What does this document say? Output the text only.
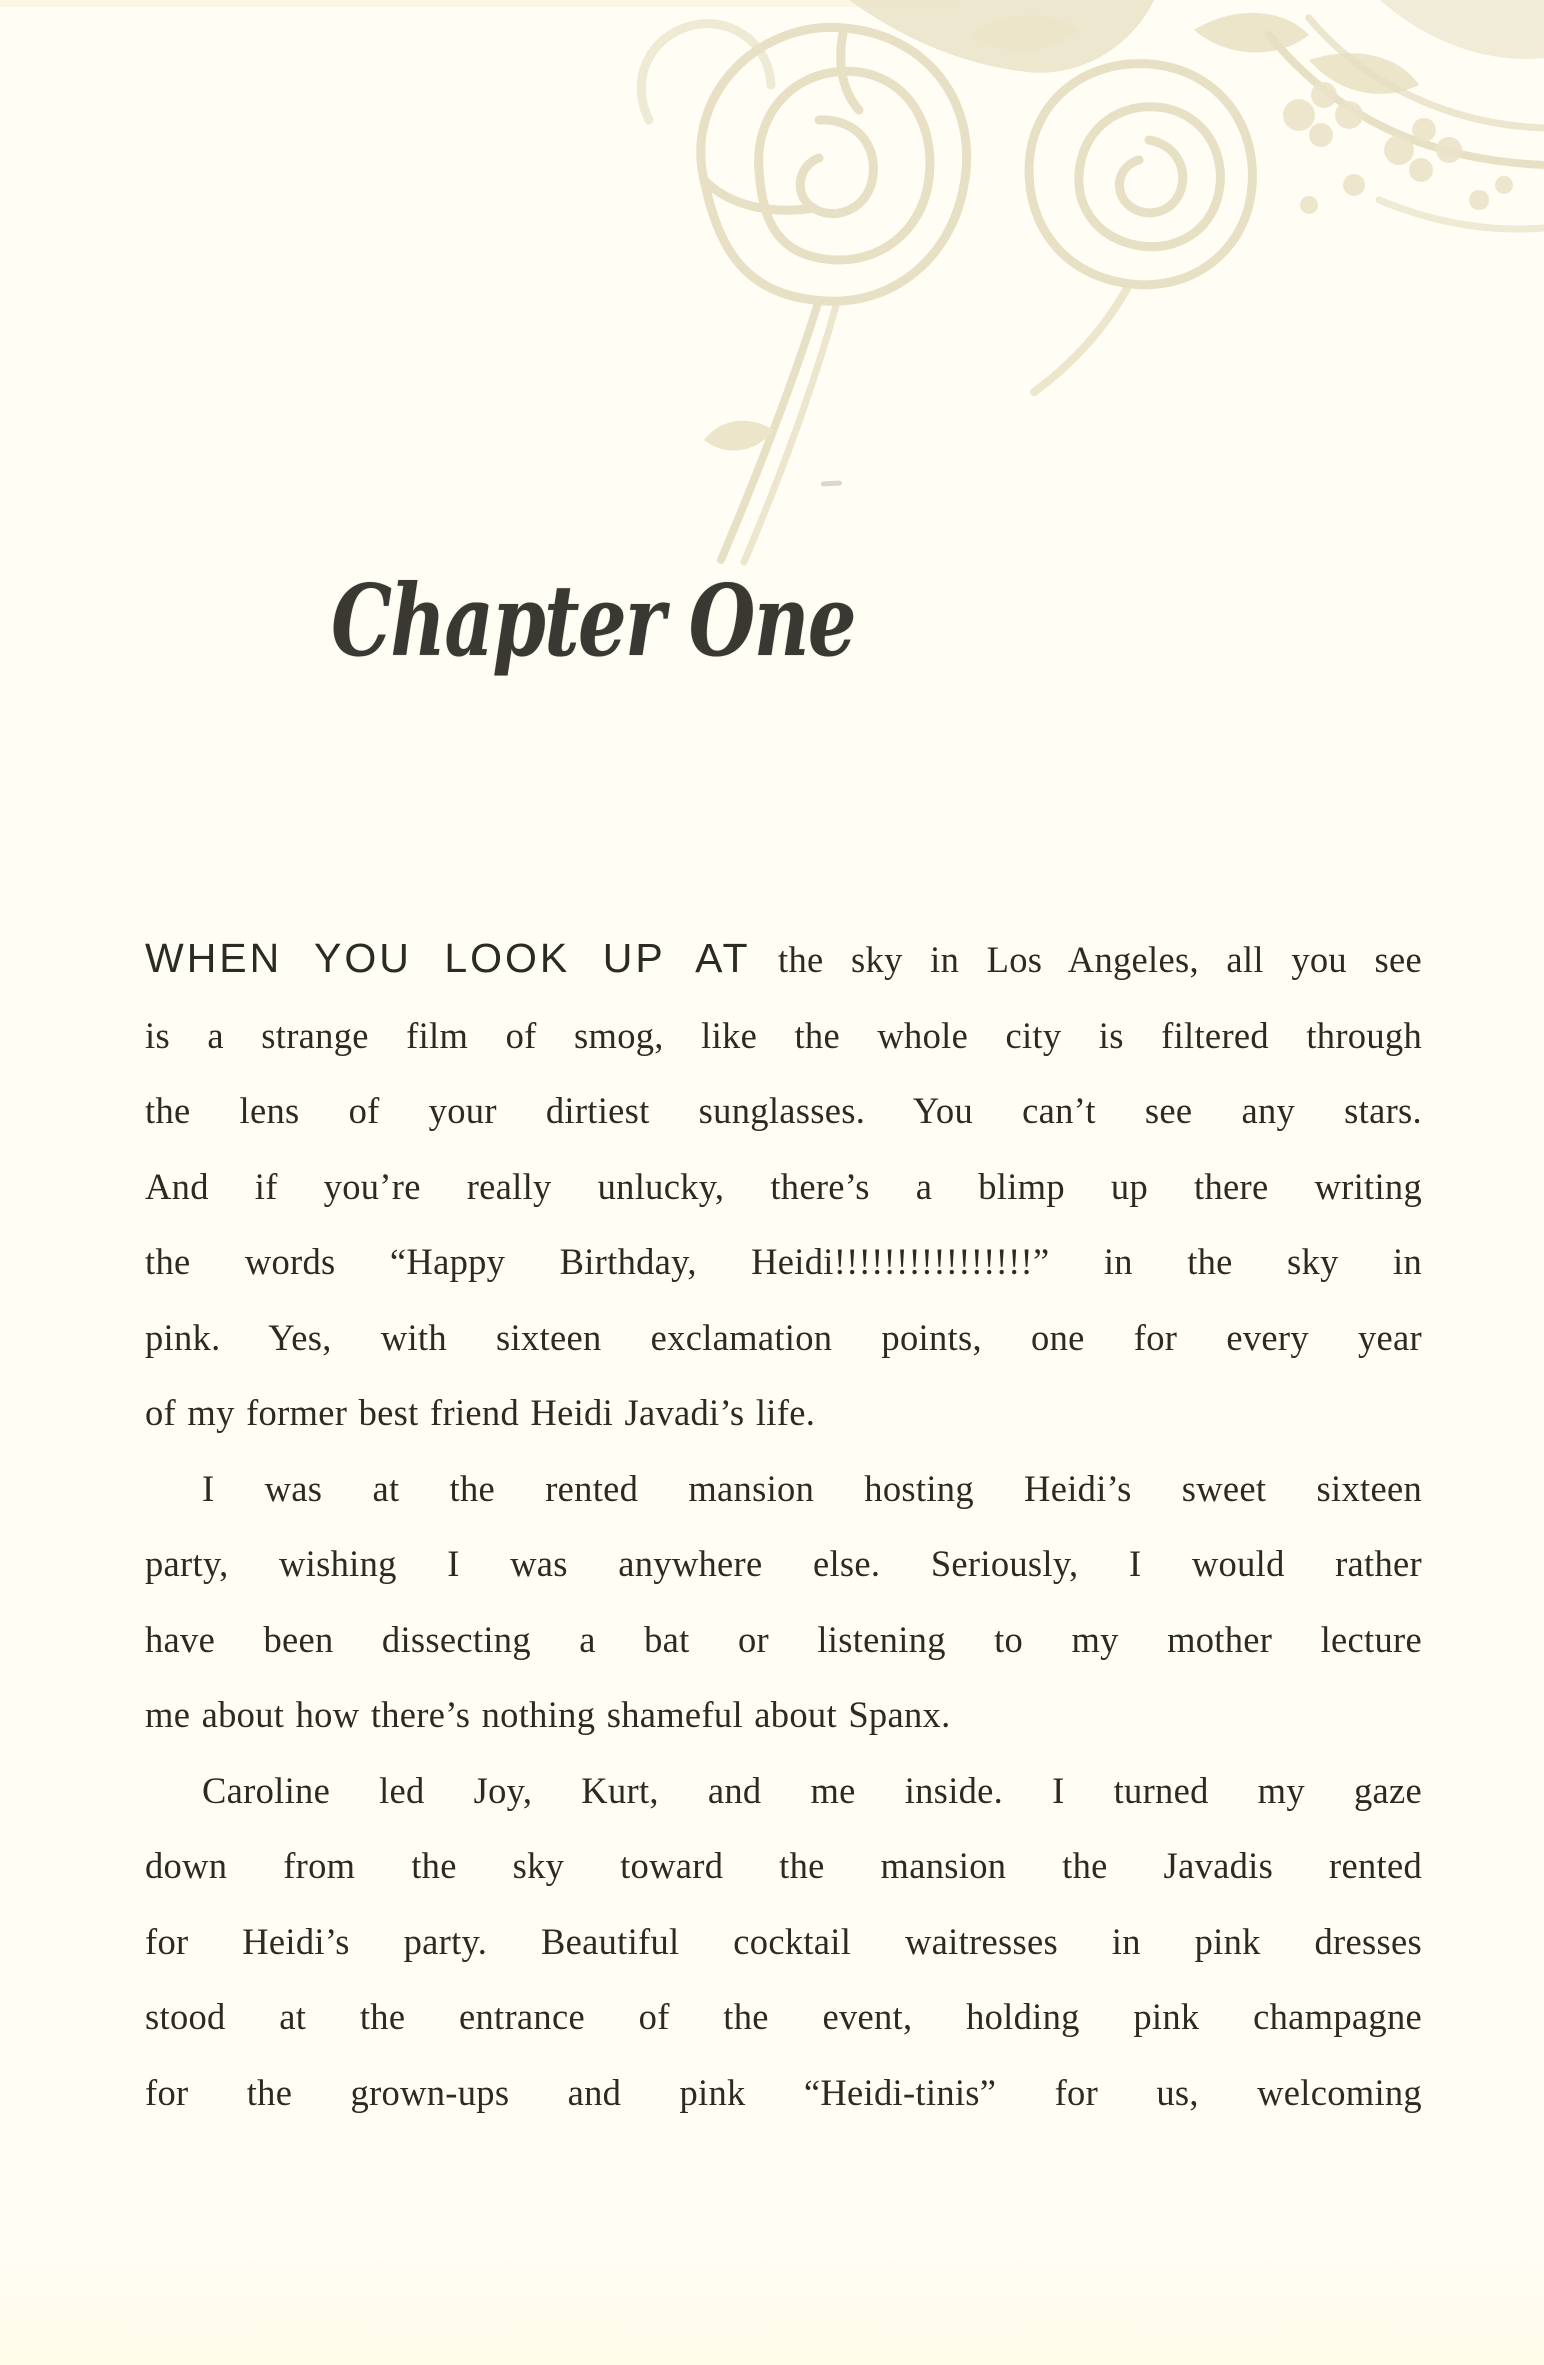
Chapter One
WHEN YOU LOOK UP AT the sky in Los Angeles, all you see
is a strange film of smog, like the whole city is filtered through
the lens of your dirtiest sunglasses. You can’t see any stars.
And if you’re really unlucky, there’s a blimp up there writing
the words “Happy Birthday, Heidi!!!!!!!!!!!!!!!!” in the sky in
pink. Yes, with sixteen exclamation points, one for every year
of my former best friend Heidi Javadi’s life.
I was at the rented mansion hosting Heidi’s sweet sixteen
party, wishing I was anywhere else. Seriously, I would rather
have been dissecting a bat or listening to my mother lecture
me about how there’s nothing shameful about Spanx.
Caroline led Joy, Kurt, and me inside. I turned my gaze
down from the sky toward the mansion the Javadis rented
for Heidi’s party. Beautiful cocktail waitresses in pink dresses
stood at the entrance of the event, holding pink champagne
for the grown-ups and pink “Heidi-tinis” for us, welcoming
